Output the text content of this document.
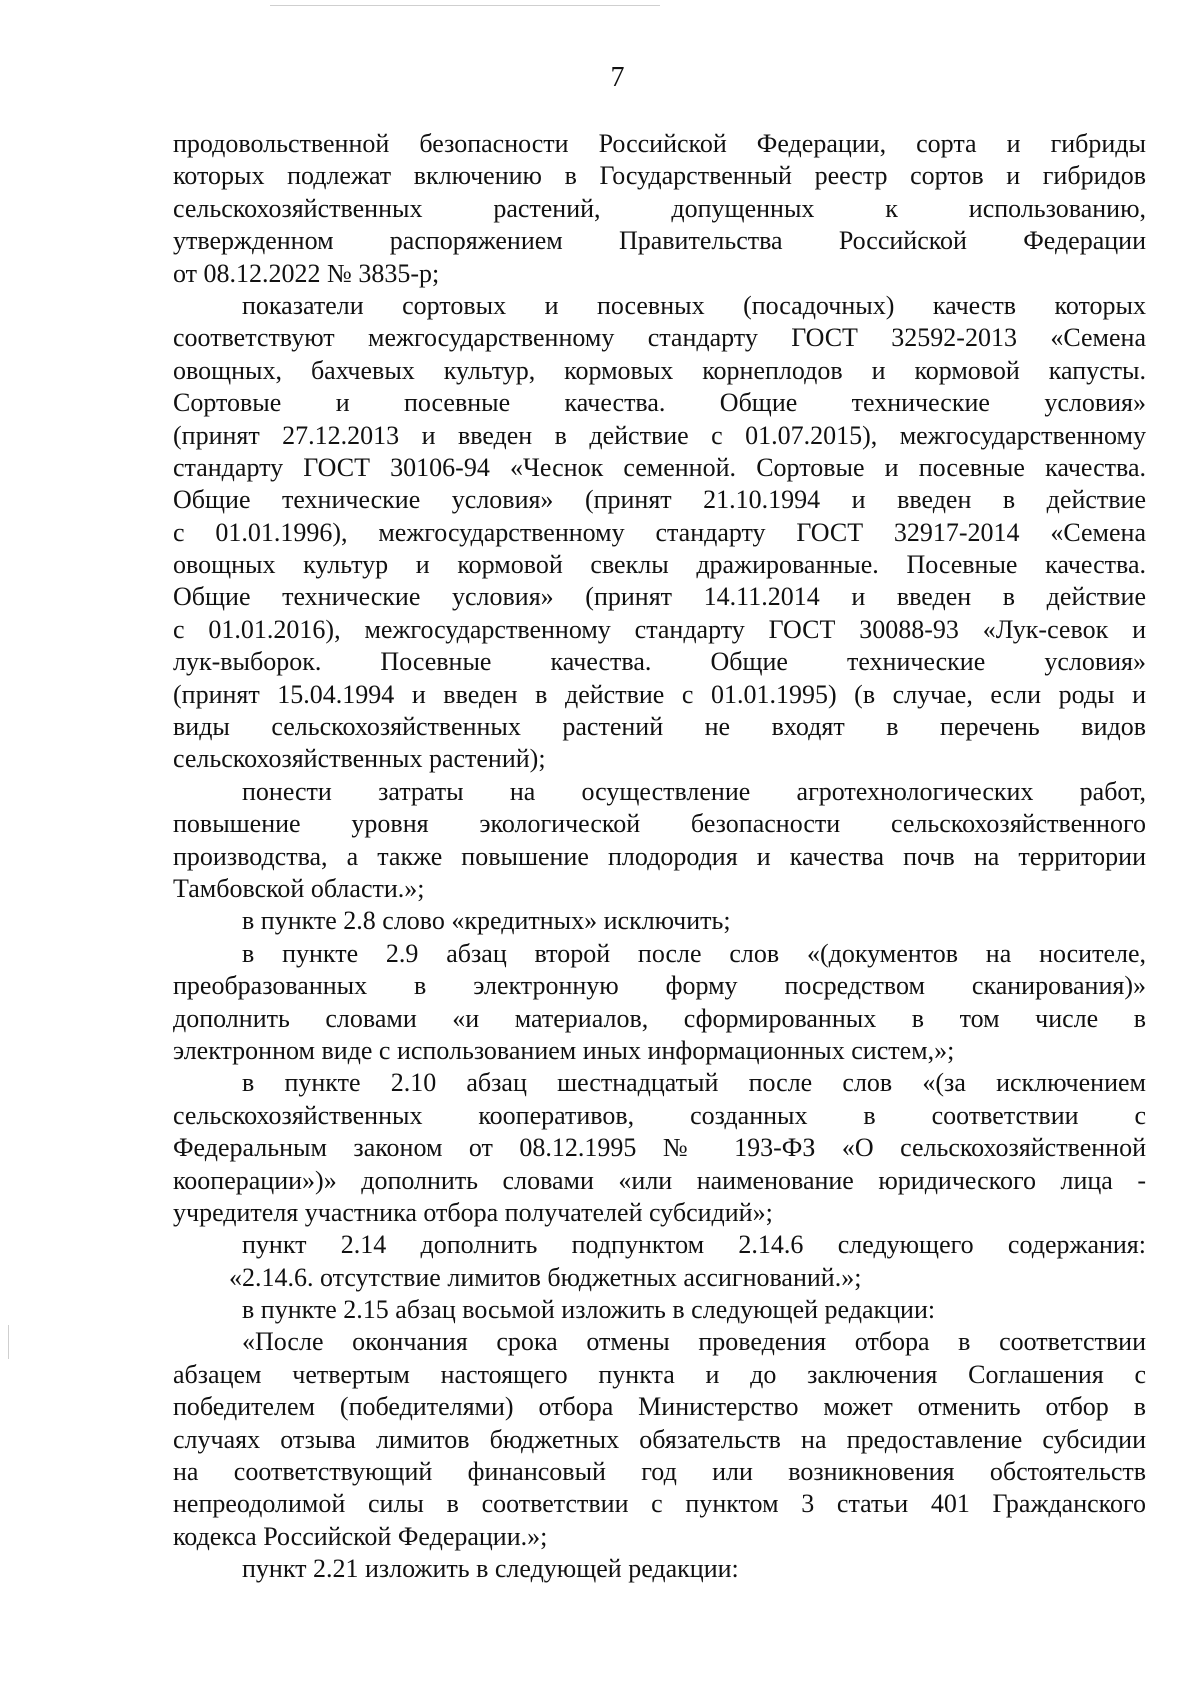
7

продовольственной безопасности Российской Федерации, сорта и гибриды
которых подлежат включению в Государственный реестр сортов и гибридов
сельскохозяйственных растений, допущенных к использованию,
утвержденном распоряжением Правительства Российской Федерации
от 08.12.2022 № 3835-р;

показатели сортовых и посевных (посадочных) качеств которых
соответствуют межгосударственному стандарту ГОСТ 32592-2013 «Семена
овощных, бахчевых культур, кормовых корнеплодов и кормовой капусты.
Сортовые и посевные качества. Общие технические условия»
(принят 27.12.2013 и введен в действие с 01.07.2015), межгосударственному
стандарту ГОСТ 30106-94 «Чеснок семенной. Сортовые и посевные качества.
Общие технические условия» (принят 21.10.1994 и введен в действие
с 01.01.1996), межгосударственному стандарту ГОСТ 32917-2014 «Семена
овощных культур и кормовой свеклы дражированные. Посевные качества.
Общие технические условия» (принят 14.11.2014 и введен в действие
с 01.01.2016), межгосударственному стандарту ГОСТ 30088-93 «Лук-севок и
лук-выборок. Посевные качества. Общие технические условия»
(принят 15.04.1994 и введен в действие с 01.01.1995) (в случае, если роды и
виды сельскохозяйственных растений не входят в перечень видов
сельскохозяйственных растений);

понести затраты на осуществление агротехнологических работ,
повышение уровня экологической безопасности сельскохозяйственного
производства, а также повышение плодородия и качества почв на территории
Тамбовской области.»;

в пункте 2.8 слово «кредитных» исключить;

в пункте 2.9 абзац второй после слов «(документов на носителе,
преобразованных в электронную форму посредством сканирования)»
дополнить словами «и материалов, сформированных в том числе в
электронном виде с использованием иных информационных систем,»;

в пункте 2.10 абзац шестнадцатый после слов «(за исключением
сельскохозяйственных кооперативов, созданных в соответствии с
Федеральным законом от 08.12.1995 № 193-ФЗ «О сельскохозяйственной
кооперации»)» дополнить словами «или наименование юридического лица -
учредителя участника отбора получателей субсидий»;

пункт 2.14 дополнить подпунктом 2.14.6 следующего содержания:

«2.14.6. отсутствие лимитов бюджетных ассигнований.»;

в пункте 2.15 абзац восьмой изложить в следующей редакции:

«После окончания срока отмены проведения отбора в соответствии
абзацем четвертым настоящего пункта и до заключения Соглашения с
победителем (победителями) отбора Министерство может отменить отбор в
случаях отзыва лимитов бюджетных обязательств на предоставление субсидии
на соответствующий финансовый год или возникновения обстоятельств
непреодолимой силы в соответствии с пунктом 3 статьи 401 Гражданского
кодекса Российской Федерации.»;

пункт 2.21 изложить в следующей редакции:
